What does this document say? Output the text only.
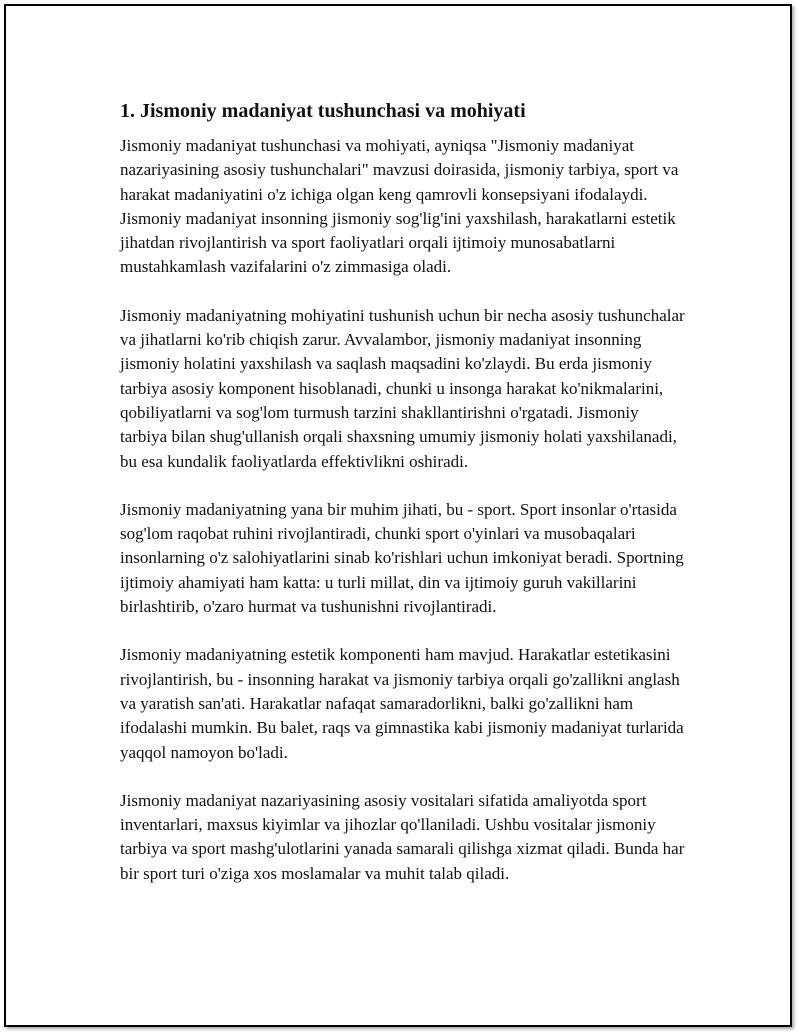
1. Jismoniy madaniyat tushunchasi va mohiyati

Jismoniy madaniyat tushunchasi va mohiyati, ayniqsa "Jismoniy madaniyat nazariyasining asosiy tushunchalari" mavzusi doirasida, jismoniy tarbiya, sport va harakat madaniyatini o'z ichiga olgan keng qamrovli konsepsiyani ifodalaydi. Jismoniy madaniyat insonning jismoniy sog'lig'ini yaxshilash, harakatlarni estetik jihatdan rivojlantirish va sport faoliyatlari orqali ijtimoiy munosabatlarni mustahkamlash vazifalarini o'z zimmasiga oladi.

Jismoniy madaniyatning mohiyatini tushunish uchun bir necha asosiy tushunchalar va jihatlarni ko'rib chiqish zarur. Avvalambor, jismoniy madaniyat insonning jismoniy holatini yaxshilash va saqlash maqsadini ko'zlaydi. Bu erda jismoniy tarbiya asosiy komponent hisoblanadi, chunki u insonga harakat ko'nikmalarini, qobiliyatlarni va sog'lom turmush tarzini shakllantirishni o'rgatadi. Jismoniy tarbiya bilan shug'ullanish orqali shaxsning umumiy jismoniy holati yaxshilanadi, bu esa kundalik faoliyatlarda effektivlikni oshiradi.

Jismoniy madaniyatning yana bir muhim jihati, bu - sport. Sport insonlar o'rtasida sog'lom raqobat ruhini rivojlantiradi, chunki sport o'yinlari va musobaqalari insonlarning o'z salohiyatlarini sinab ko'rishlari uchun imkoniyat beradi. Sportning ijtimoiy ahamiyati ham katta: u turli millat, din va ijtimoiy guruh vakillarini birlashtirib, o'zaro hurmat va tushunishni rivojlantiradi.

Jismoniy madaniyatning estetik komponenti ham mavjud. Harakatlar estetikasini rivojlantirish, bu - insonning harakat va jismoniy tarbiya orqali go'zallikni anglash va yaratish san'ati. Harakatlar nafaqat samaradorlikni, balki go'zallikni ham ifodalashi mumkin. Bu balet, raqs va gimnastika kabi jismoniy madaniyat turlarida yaqqol namoyon bo'ladi.

Jismoniy madaniyat nazariyasining asosiy vositalari sifatida amaliyotda sport inventarlari, maxsus kiyimlar va jihozlar qo'llaniladi. Ushbu vositalar jismoniy tarbiya va sport mashg'ulotlarini yanada samarali qilishga xizmat qiladi. Bunda har bir sport turi o'ziga xos moslamalar va muhit talab qiladi.
